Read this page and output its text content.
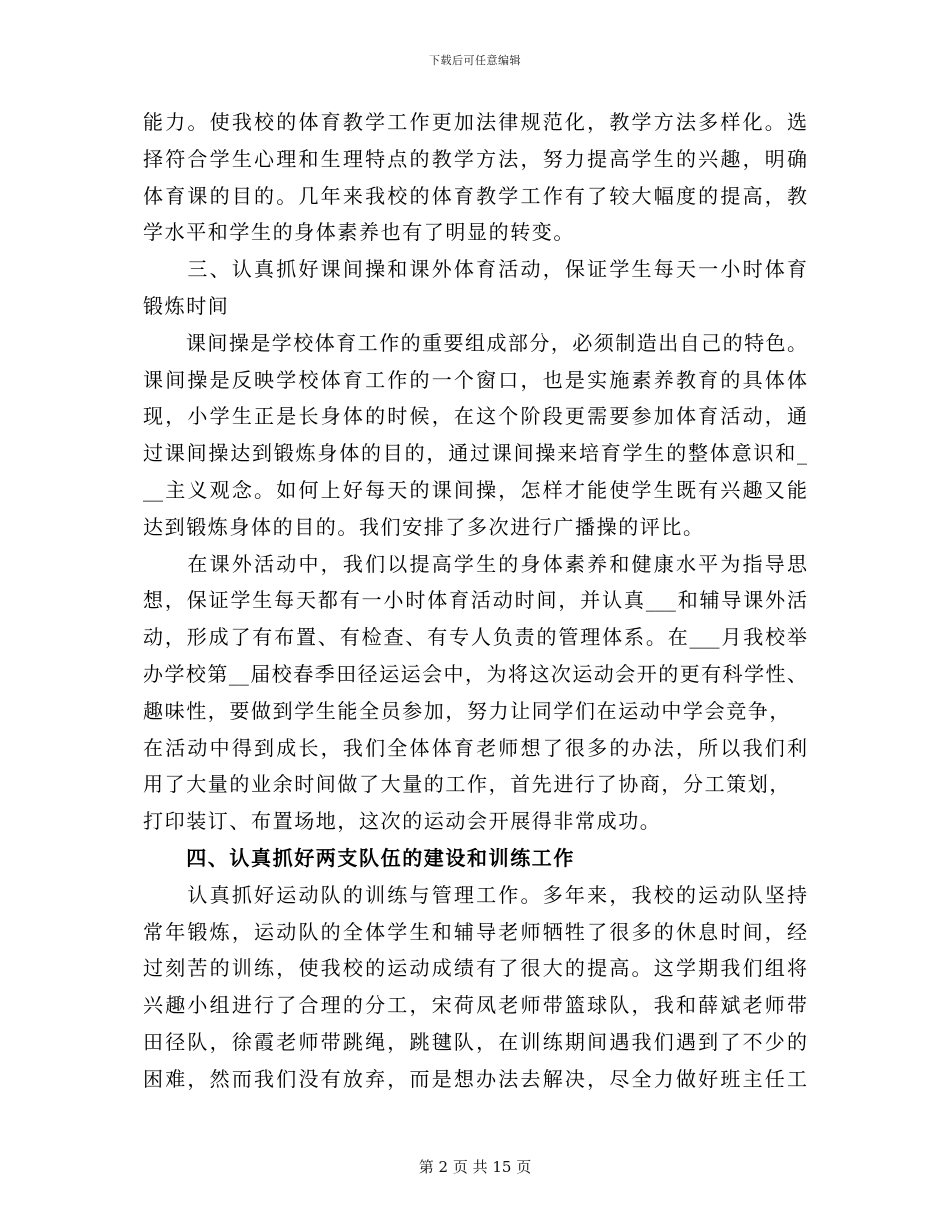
下载后可任意编辑
能力。使我校的体育教学工作更加法律规范化，教学方法多样化。选
择符合学生心理和生理特点的教学方法，努力提高学生的兴趣，明确
体育课的目的。几年来我校的体育教学工作有了较大幅度的提高，教
学水平和学生的身体素养也有了明显的转变。
　　三、认真抓好课间操和课外体育活动，保证学生每天一小时体育
锻炼时间
　　课间操是学校体育工作的重要组成部分，必须制造出自己的特色。
课间操是反映学校体育工作的一个窗口，也是实施素养教育的具体体
现，小学生正是长身体的时候，在这个阶段更需要参加体育活动，通
过课间操达到锻炼身体的目的，通过课间操来培育学生的整体意识和_
__主义观念。如何上好每天的课间操，怎样才能使学生既有兴趣又能
达到锻炼身体的目的。我们安排了多次进行广播操的评比。
　　在课外活动中，我们以提高学生的身体素养和健康水平为指导思
想，保证学生每天都有一小时体育活动时间，并认真___和辅导课外活
动，形成了有布置、有检查、有专人负责的管理体系。在___月我校举
办学校第__届校春季田径运运会中，为将这次运动会开的更有科学性、
趣味性，要做到学生能全员参加，努力让同学们在运动中学会竞争，
在活动中得到成长，我们全体体育老师想了很多的办法，所以我们利
用了大量的业余时间做了大量的工作，首先进行了协商，分工策划，
打印装订、布置场地，这次的运动会开展得非常成功。
　　四、认真抓好两支队伍的建设和训练工作
　　认真抓好运动队的训练与管理工作。多年来，我校的运动队坚持
常年锻炼，运动队的全体学生和辅导老师牺牲了很多的休息时间，经
过刻苦的训练，使我校的运动成绩有了很大的提高。这学期我们组将
兴趣小组进行了合理的分工，宋荷凤老师带篮球队，我和薛斌老师带
田径队，徐霞老师带跳绳，跳毽队，在训练期间遇我们遇到了不少的
困难，然而我们没有放弃，而是想办法去解决，尽全力做好班主任工
第 2 页 共 15 页
